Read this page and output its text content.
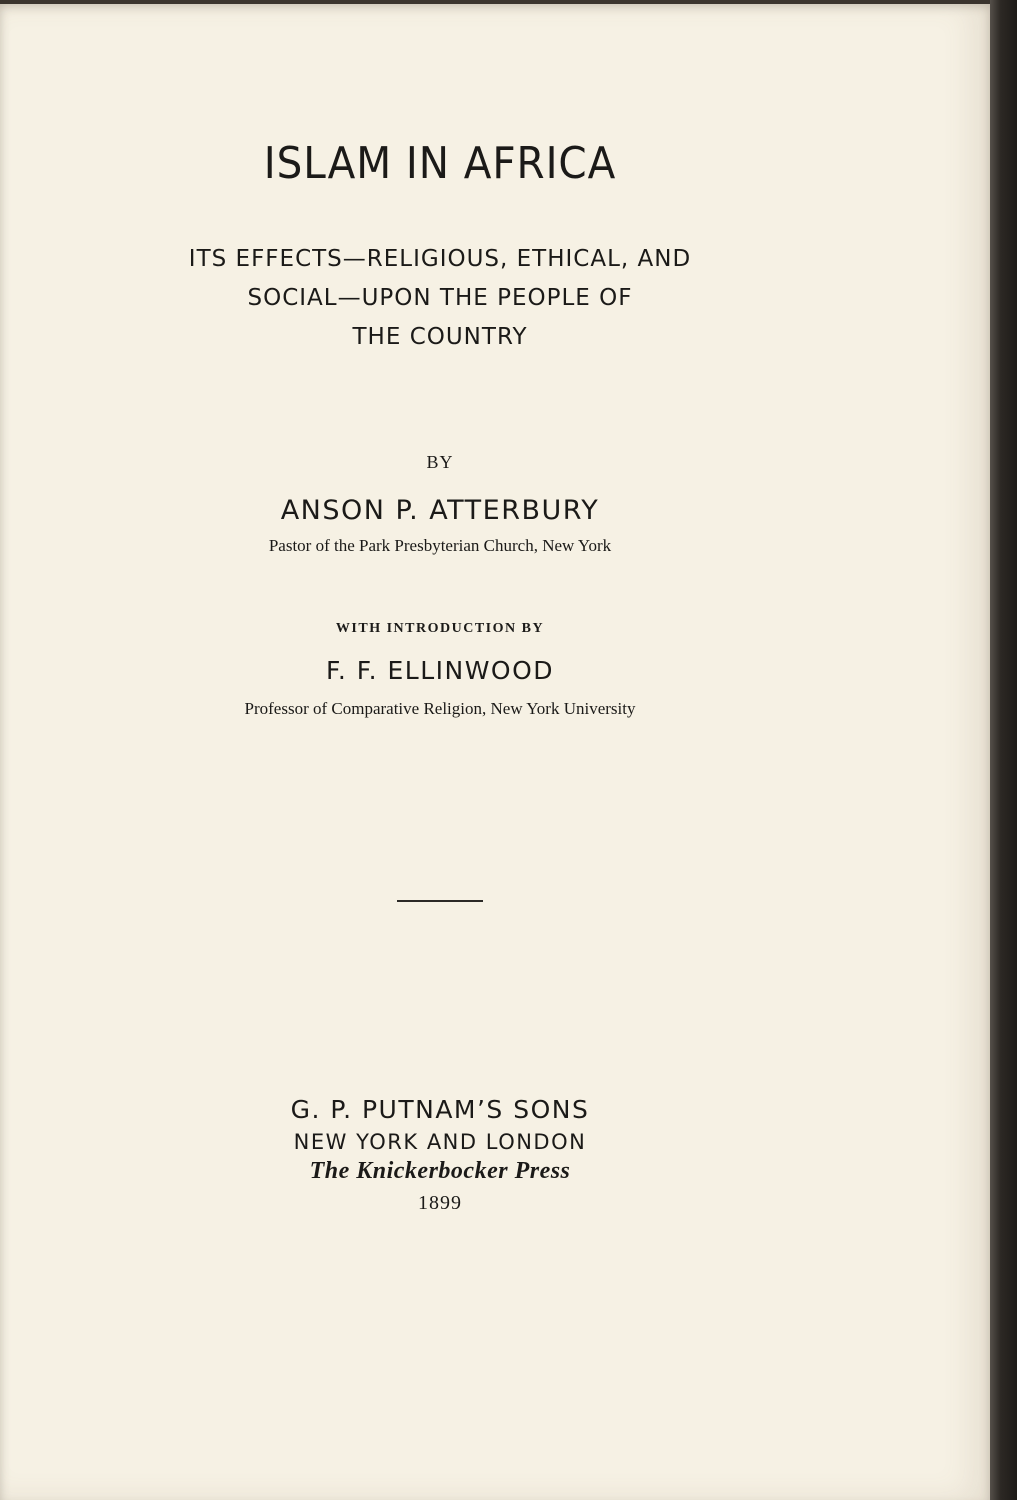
ISLAM IN AFRICA
ITS EFFECTS—RELIGIOUS, ETHICAL, AND
SOCIAL—UPON THE PEOPLE OF
THE COUNTRY
BY
ANSON P. ATTERBURY
Pastor of the Park Presbyterian Church, New York
WITH INTRODUCTION BY
F. F. ELLINWOOD
Professor of Comparative Religion, New York University
G. P. PUTNAM’S SONS
NEW YORK AND LONDON
The Knickerbocker Press
1899
